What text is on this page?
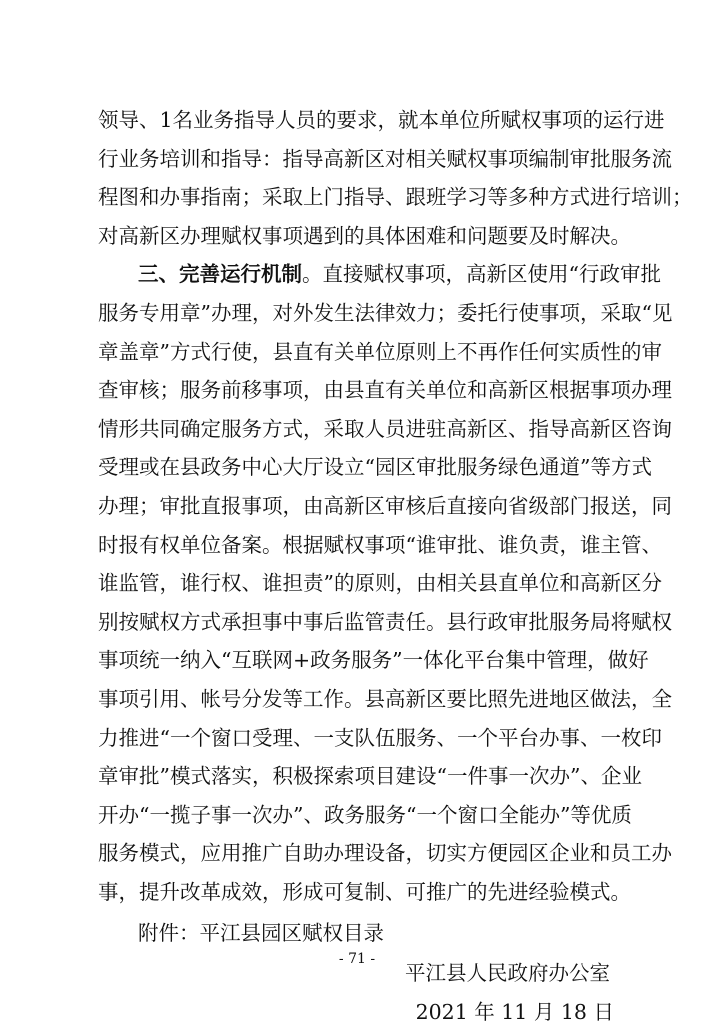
领导、1名业务指导人员的要求，就本单位所赋权事项的运行进
行业务培训和指导：指导高新区对相关赋权事项编制审批服务流
程图和办事指南；采取上门指导、跟班学习等多种方式进行培训；
对高新区办理赋权事项遇到的具体困难和问题要及时解决。
三、完善运行机制。直接赋权事项，高新区使用“行政审批
服务专用章”办理，对外发生法律效力；委托行使事项，采取“见
章盖章”方式行使，县直有关单位原则上不再作任何实质性的审
查审核；服务前移事项，由县直有关单位和高新区根据事项办理
情形共同确定服务方式，采取人员进驻高新区、指导高新区咨询
受理或在县政务中心大厅设立“园区审批服务绿色通道”等方式
办理；审批直报事项，由高新区审核后直接向省级部门报送，同
时报有权单位备案。根据赋权事项“谁审批、谁负责，谁主管、
谁监管，谁行权、谁担责”的原则，由相关县直单位和高新区分
别按赋权方式承担事中事后监管责任。县行政审批服务局将赋权
事项统一纳入“互联网+政务服务”一体化平台集中管理，做好
事项引用、帐号分发等工作。县高新区要比照先进地区做法，全
力推进“一个窗口受理、一支队伍服务、一个平台办事、一枚印
章审批”模式落实，积极探索项目建设“一件事一次办”、企业
开办“一揽子事一次办”、政务服务“一个窗口全能办”等优质
服务模式，应用推广自助办理设备，切实方便园区企业和员工办
事，提升改革成效，形成可复制、可推广的先进经验模式。
附件：平江县园区赋权目录
- 71 -
平江县人民政府办公室
2021 年 11 月 18 日
